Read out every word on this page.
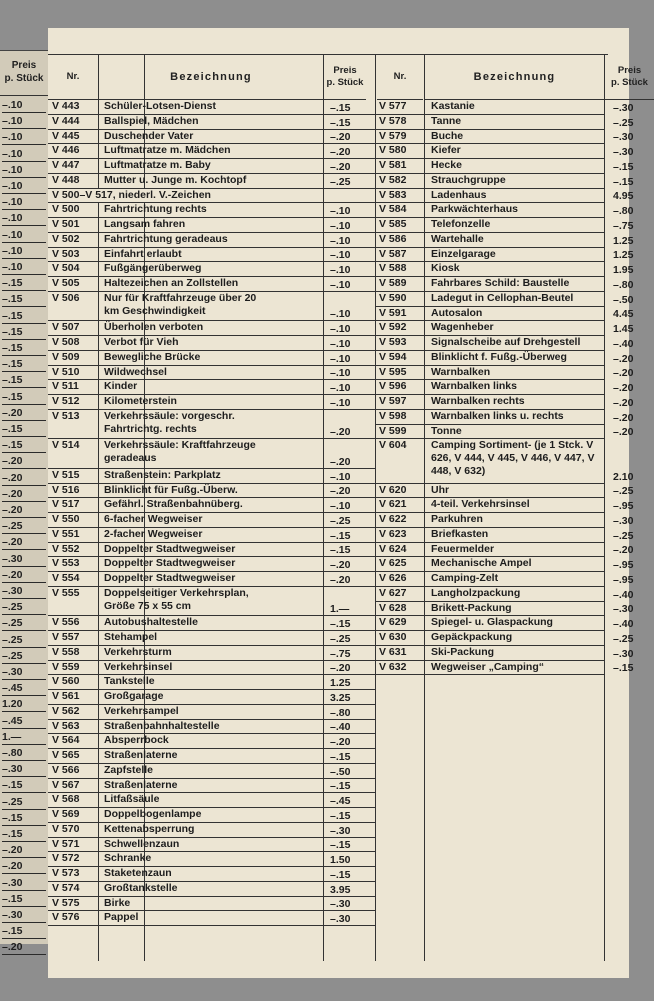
Preis
p. Stück
–.10
–.10
–.10
–.10
–.10
–.10
–.10
–.10
–.10
–.10
–.10
–.15
–.15
–.15
–.15
–.15
–.15
–.15
–.15
–.20
–.15
–.15
–.20
–.20
–.20
–.20
–.25
–.20
–.30
–.20
–.30
–.25
–.25
–.25
–.25
–.30
–.45
1.20
–.45
1.—
–.80
–.30
–.15
–.25
–.15
–.15
–.20
–.20
–.30
–.15
–.30
–.15
–.20
Nr.	Bezeichnung
Preis
p. Stück
Nr.	Bezeichnung
Preis
p. Stück
V 443	Schüler-Lotsen-Dienst	–.15
V 444	Ballspiel, Mädchen	–.15
V 445	Duschender Vater	–.20
V 446	Luftmatratze m. Mädchen	–.20
V 447	Luftmatratze m. Baby	–.20
V 448	Mutter u. Junge m. Kochtopf	–.25
V 500–V 517, niederl. V.-Zeichen
V 500	Fahrtrichtung rechts	–.10
V 501	Langsam fahren	–.10
V 502	Fahrtrichtung geradeaus	–.10
V 503	Einfahrt erlaubt	–.10
V 504	Fußgängerüberweg	–.10
V 505	Haltezeichen an Zollstellen	–.10
V 506	Nur für Kraftfahrzeuge über 20 km Geschwindigkeit	–.10
V 507	Überholen verboten	–.10
V 508	Verbot für Vieh	–.10
V 509	Bewegliche Brücke	–.10
V 510	Wildwechsel	–.10
V 511	Kinder	–.10
V 512	Kilometerstein	–.10
V 513	Verkehrssäule: vorgeschr. Fahrtrichtg. rechts	–.20
V 514	Verkehrssäule: Kraftfahrzeuge geradeaus	–.20
V 515	Straßenstein: Parkplatz	–.10
V 516	Blinklicht für Fußg.-Überw.	–.20
V 517	Gefährl. Straßenbahnüberg.	–.10
V 550	6-facher Wegweiser	–.25
V 551	2-facher Wegweiser	–.15
V 552	Doppelter Stadtwegweiser	–.15
V 553	Doppelter Stadtwegweiser	–.20
V 554	Doppelter Stadtwegweiser	–.20
V 555	Doppelseitiger Verkehrsplan, Größe 75 x 55 cm	1.—
V 556	Autobushaltestelle	–.15
V 557	Stehampel	–.25
V 558	Verkehrsturm	–.75
V 559	Verkehrsinsel	–.20
V 560	Tankstelle	1.25
V 561	Großgarage	3.25
V 562	Verkehrsampel	–.80
V 563	Straßenbahnhaltestelle	–.40
V 564	Absperrbock	–.20
V 565	Straßenlaterne	–.15
V 566	Zapfstelle	–.50
V 567	Straßenlaterne	–.15
V 568	Litfaßsäule	–.45
V 569	Doppelbogenlampe	–.15
V 570	Kettenabsperrung	–.30
V 571	Schwellenzaun	–.15
V 572	Schranke	1.50
V 573	Staketenzaun	–.15
V 574	Großtankstelle	3.95
V 575	Birke	–.30
V 576	Pappel	–.30
V 577	Kastanie	–.30
V 578	Tanne	–.25
V 579	Buche	–.30
V 580	Kiefer	–.30
V 581	Hecke	–.15
V 582	Strauchgruppe	–.15
V 583	Ladenhaus	4.95
V 584	Parkwächterhaus	–.80
V 585	Telefonzelle	–.75
V 586	Wartehalle	1.25
V 587	Einzelgarage	1.25
V 588	Kiosk	1.95
V 589	Fahrbares Schild: Baustelle	–.80
V 590	Ladegut in Cellophan-Beutel	–.50
V 591	Autosalon	4.45
V 592	Wagenheber	1.45
V 593	Signalscheibe auf Drehgestell	–.40
V 594	Blinklicht f. Fußg.-Überweg	–.20
V 595	Warnbalken	–.20
V 596	Warnbalken links	–.20
V 597	Warnbalken rechts	–.20
V 598	Warnbalken links u. rechts	–.20
V 599	Tonne	–.20
V 604	Camping Sortiment- (je 1 Stck. V 626, V 444, V 445, V 446, V 447, V 448, V 632)	2.10
V 620	Uhr	–.25
V 621	4-teil. Verkehrsinsel	–.95
V 622	Parkuhren	–.30
V 623	Briefkasten	–.25
V 624	Feuermelder	–.20
V 625	Mechanische Ampel	–.95
V 626	Camping-Zelt	–.95
V 627	Langholzpackung	–.40
V 628	Brikett-Packung	–.30
V 629	Spiegel- u. Glaspackung	–.40
V 630	Gepäckpackung	–.25
V 631	Ski-Packung	–.30
V 632	Wegweiser „Camping“	–.15
